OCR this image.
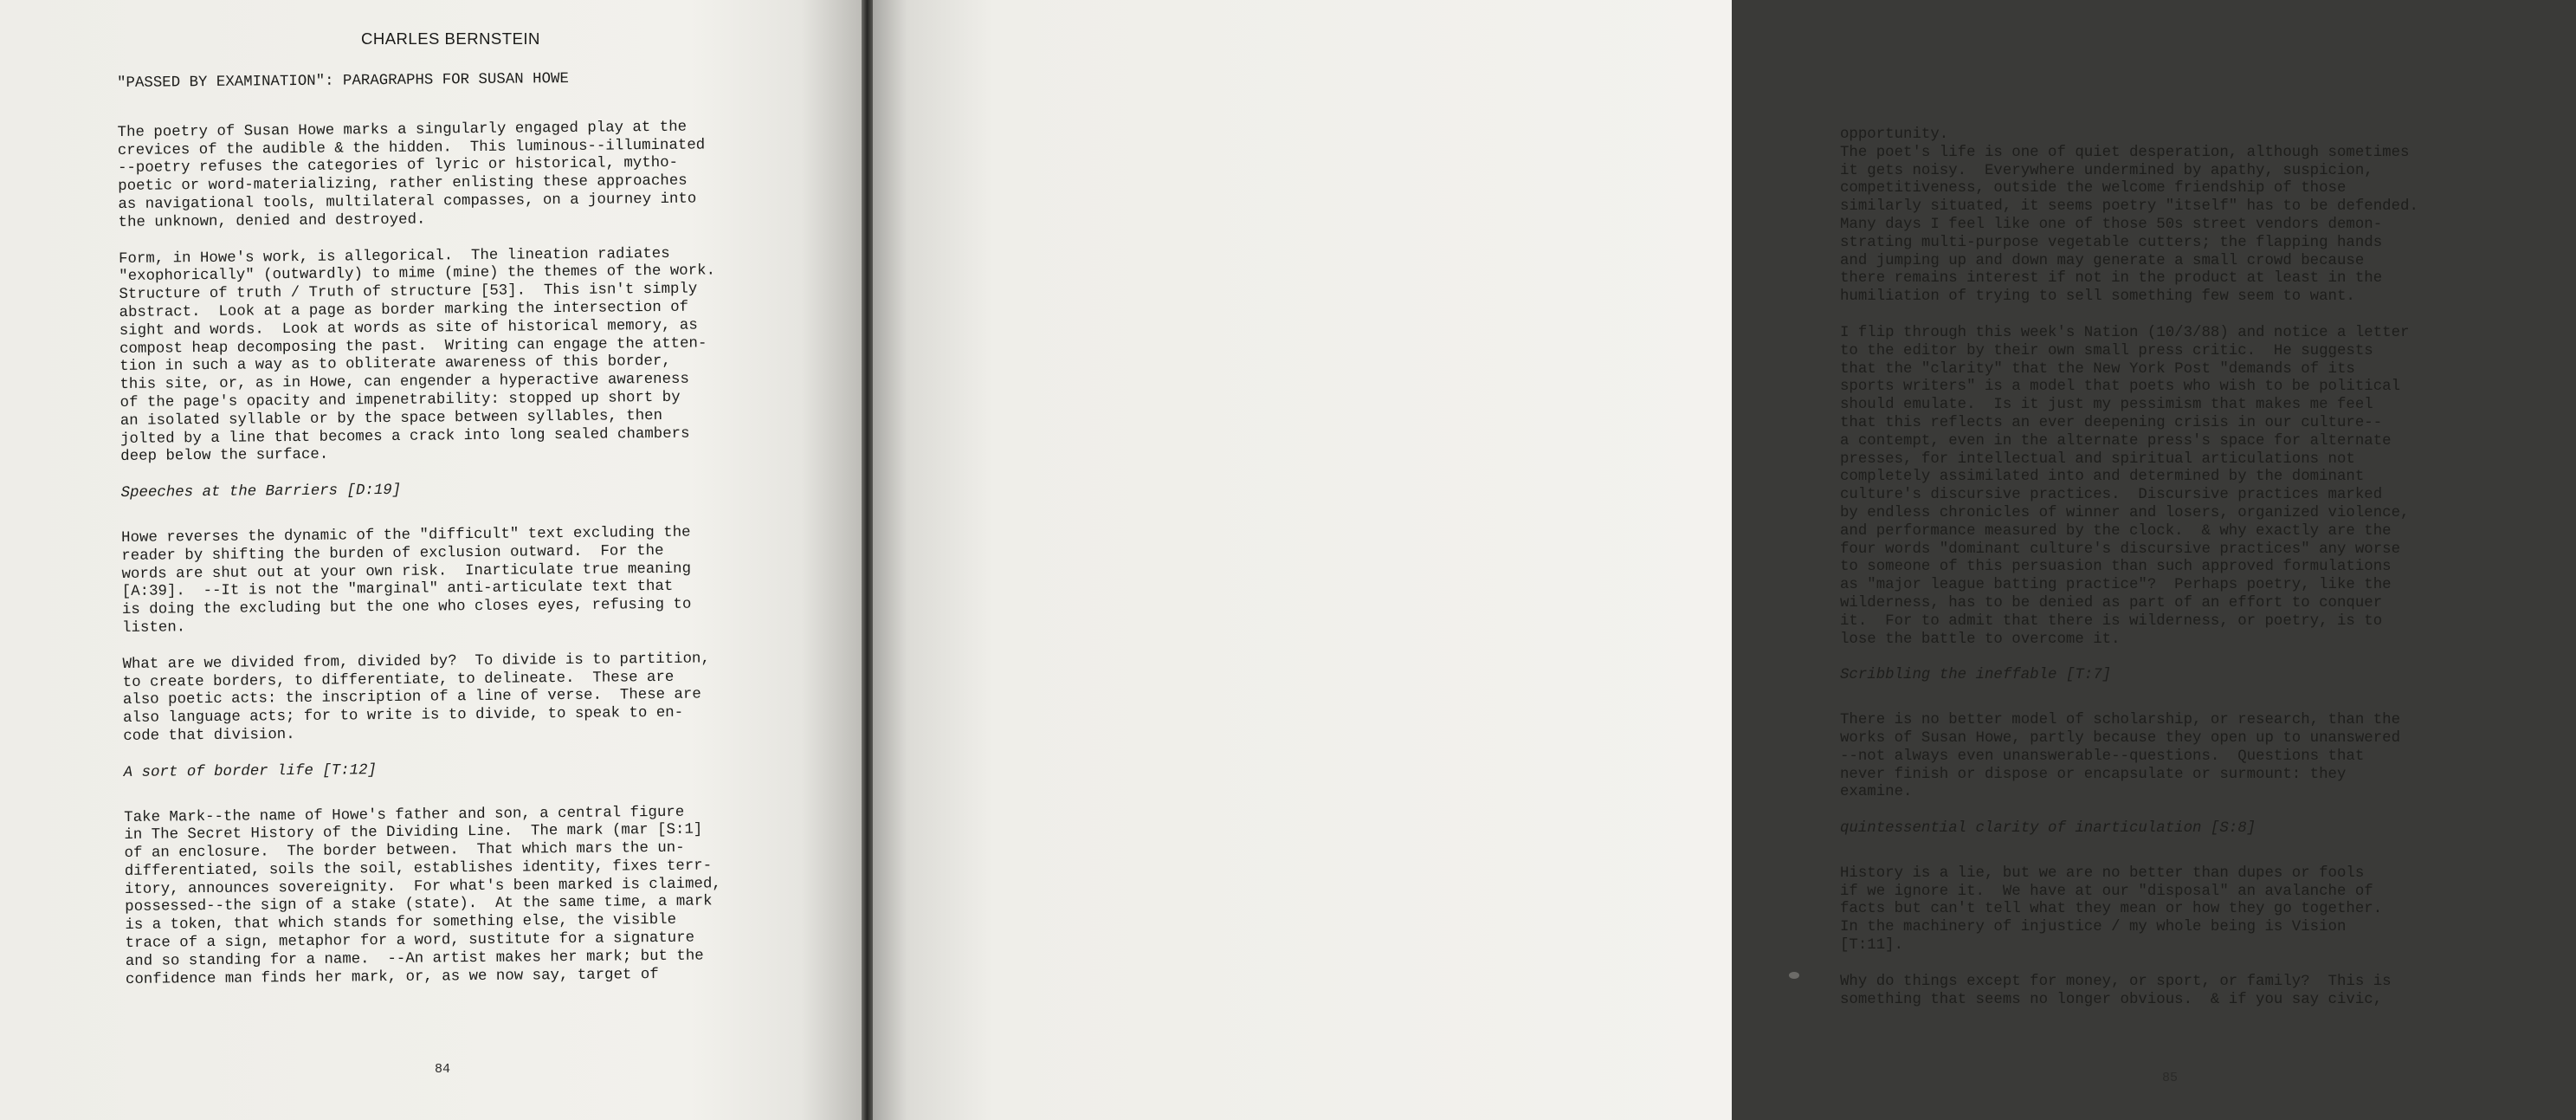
CHARLES BERNSTEIN

"PASSED BY EXAMINATION": PARAGRAPHS FOR SUSAN HOWE

The poetry of Susan Howe marks a singularly engaged play at the

crevices of the audible & the hidden.  This luminous--illuminated

--poetry refuses the categories of lyric or historical, mytho-

poetic or word-materializing, rather enlisting these approaches

as navigational tools, multilateral compasses, on a journey into

the unknown, denied and destroyed.

Form, in Howe's work, is allegorical.  The lineation radiates

"exophorically" (outwardly) to mime (mine) the themes of the work.

Structure of truth / Truth of structure [53].  This isn't simply

abstract.  Look at a page as border marking the intersection of

sight and words.  Look at words as site of historical memory, as

compost heap decomposing the past.  Writing can engage the atten-

tion in such a way as to obliterate awareness of this border,

this site, or, as in Howe, can engender a hyperactive awareness

of the page's opacity and impenetrability: stopped up short by

an isolated syllable or by the space between syllables, then

jolted by a line that becomes a crack into long sealed chambers

deep below the surface.

Speeches at the Barriers [D:19]

Howe reverses the dynamic of the "difficult" text excluding the

reader by shifting the burden of exclusion outward.  For the

words are shut out at your own risk.  Inarticulate true meaning

[A:39].  --It is not the "marginal" anti-articulate text that

is doing the excluding but the one who closes eyes, refusing to

listen.

What are we divided from, divided by?  To divide is to partition,

to create borders, to differentiate, to delineate.  These are

also poetic acts: the inscription of a line of verse.  These are

also language acts; for to write is to divide, to speak to en-

code that division.

A sort of border life [T:12]

Take Mark--the name of Howe's father and son, a central figure

in The Secret History of the Dividing Line.  The mark (mar [S:1]

of an enclosure.  The border between.  That which mars the un-

differentiated, soils the soil, establishes identity, fixes terr-

itory, announces sovereignity.  For what's been marked is claimed,

possessed--the sign of a stake (state).  At the same time, a mark

is a token, that which stands for something else, the visible

trace of a sign, metaphor for a word, sustitute for a signature

and so standing for a name.  --An artist makes her mark; but the

confidence man finds her mark, or, as we now say, target of

84

opportunity.

The poet's life is one of quiet desperation, although sometimes

it gets noisy.  Everywhere undermined by apathy, suspicion,

competitiveness, outside the welcome friendship of those

similarly situated, it seems poetry "itself" has to be defended.

Many days I feel like one of those 50s street vendors demon-

strating multi-purpose vegetable cutters; the flapping hands

and jumping up and down may generate a small crowd because

there remains interest if not in the product at least in the

humiliation of trying to sell something few seem to want.

I flip through this week's Nation (10/3/88) and notice a letter

to the editor by their own small press critic.  He suggests

that the "clarity" that the New York Post "demands of its

sports writers" is a model that poets who wish to be political

should emulate.  Is it just my pessimism that makes me feel

that this reflects an ever deepening crisis in our culture--

a contempt, even in the alternate press's space for alternate

presses, for intellectual and spiritual articulations not

completely assimilated into and determined by the dominant

culture's discursive practices.  Discursive practices marked

by endless chronicles of winner and losers, organized violence,

and performance measured by the clock.  & why exactly are the

four words "dominant culture's discursive practices" any worse

to someone of this persuasion than such approved formulations

as "major league batting practice"?  Perhaps poetry, like the

wilderness, has to be denied as part of an effort to conquer

it.  For to admit that there is wilderness, or poetry, is to

lose the battle to overcome it.

Scribbling the ineffable [T:7]

There is no better model of scholarship, or research, than the

works of Susan Howe, partly because they open up to unanswered

--not always even unanswerable--questions.  Questions that

never finish or dispose or encapsulate or surmount: they

examine.

quintessential clarity of inarticulation [S:8]

History is a lie, but we are no better than dupes or fools

if we ignore it.  We have at our "disposal" an avalanche of

facts but can't tell what they mean or how they go together.

In the machinery of injustice / my whole being is Vision

[T:11].

Why do things except for money, or sport, or family?  This is

something that seems no longer obvious.  & if you say civic,

85
